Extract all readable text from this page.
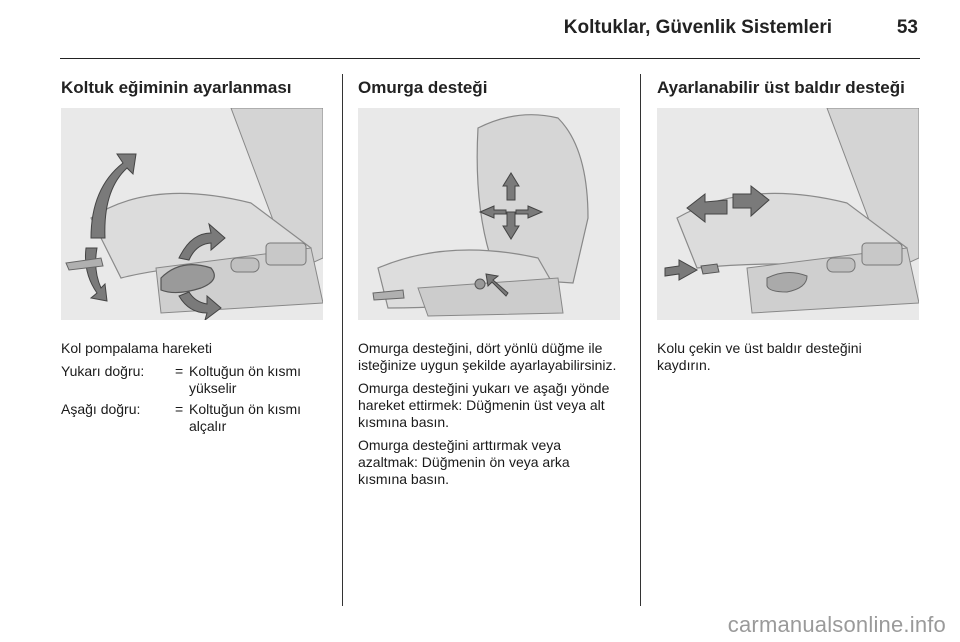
Koltuklar, Güvenlik Sistemleri	53
Koltuk eğiminin ayarlanması

Kol pompalama hareketi

Yukarı doğru:	= Koltuğun ön kısmı yükselir
Aşağı doğru:	= Koltuğun ön kısmı alçalır
Omurga desteği

Omurga desteğini, dört yönlü düğme ile isteğinize uygun şekilde ayarlayabilirsiniz.

Omurga desteğini yukarı ve aşağı yönde hareket ettirmek: Düğmenin üst veya alt kısmına basın.

Omurga desteğini arttırmak veya azaltmak: Düğmenin ön veya arka kısmına basın.

Ayarlanabilir üst baldır desteği

Kolu çekin ve üst baldır desteğini kaydırın.

carmanualsonline.info
